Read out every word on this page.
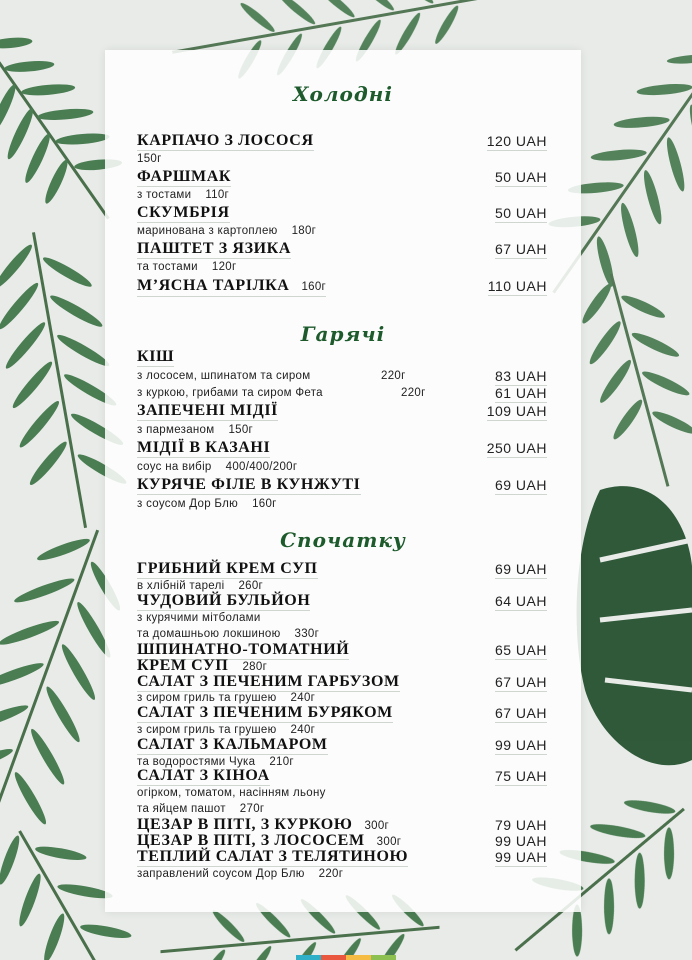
Холодні
КАРПАЧО З ЛОСОСЯ	120 UAH
150г
ФАРШМАК	50 UAH
з тостами 110г
СКУМБРІЯ	50 UAH
маринована з картоплею 180г
ПАШТЕТ З ЯЗИКА	67 UAH
та тостами 120г
М’ЯСНА ТАРІЛКА 160г	110 UAH
Гарячі
КІШ
з лососем, шпинатом та сиром	220г	83 UAH
з куркою, грибами та сиром Фета	220г	61 UAH
ЗАПЕЧЕНІ МІДІЇ	109 UAH
з пармезаном 150г
МІДІЇ В КАЗАНІ	250 UAH
соус на вибір 400/400/200г
КУРЯЧЕ ФІЛЕ В КУНЖУТІ	69 UAH
з соусом Дор Блю 160г
Спочатку
ГРИБНИЙ КРЕМ СУП	69 UAH
в хлібній тарелі 260г
ЧУДОВИЙ БУЛЬЙОН	64 UAH
з курячими мітболами
та домашньою локшиною 330г
ШПИНАТНО-ТОМАТНИЙ	65 UAH
КРЕМ СУП 280г
САЛАТ З ПЕЧЕНИМ ГАРБУЗОМ	67 UAH
з сиром гриль та грушею 240г
САЛАТ З ПЕЧЕНИМ БУРЯКОМ	67 UAH
з сиром гриль та грушею 240г
САЛАТ З КАЛЬМАРОМ	99 UAH
та водоростями Чука 210г
САЛАТ З КІНОА	75 UAH
огірком, томатом, насінням льону
та яйцем пашот 270г
ЦЕЗАР В ПІТІ, З КУРКОЮ 300г	79 UAH
ЦЕЗАР В ПІТІ, З ЛОСОСЕМ 300г	99 UAH
ТЕПЛИЙ САЛАТ З ТЕЛЯТИНОЮ	99 UAH
заправлений соусом Дор Блю 220г
